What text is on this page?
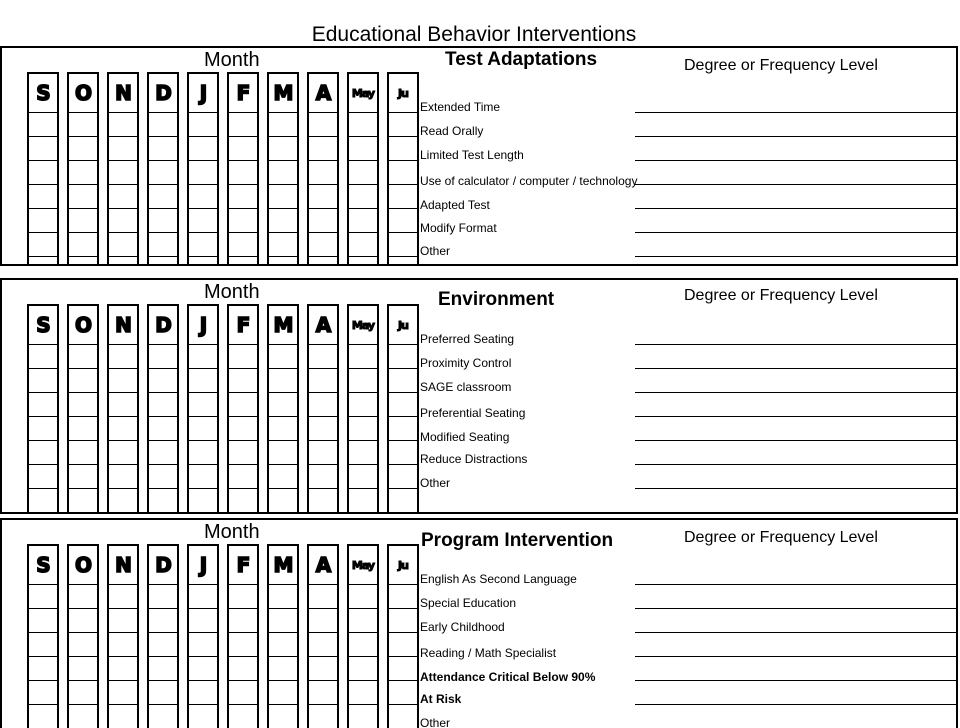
Educational Behavior Interventions
Month	Test Adaptations	Degree or Frequency Level
S	O	N	D	J	F	M	A	May	Ju
Extended Time
Read Orally
Limited Test Length
Use of calculator / computer / technology
Adapted Test
Modify Format
Other
Month	Environment	Degree or Frequency Level
S	O	N	D	J	F	M	A	May	Ju
Preferred Seating
Proximity Control
SAGE classroom
Preferential Seating
Modified Seating
Reduce Distractions
Other
Month	Program Intervention	Degree or Frequency Level
S	O	N	D	J	F	M	A	May	Ju
English As Second Language
Special Education
Early Childhood
Reading / Math Specialist
Attendance Critical Below 90%
At Risk
Other
